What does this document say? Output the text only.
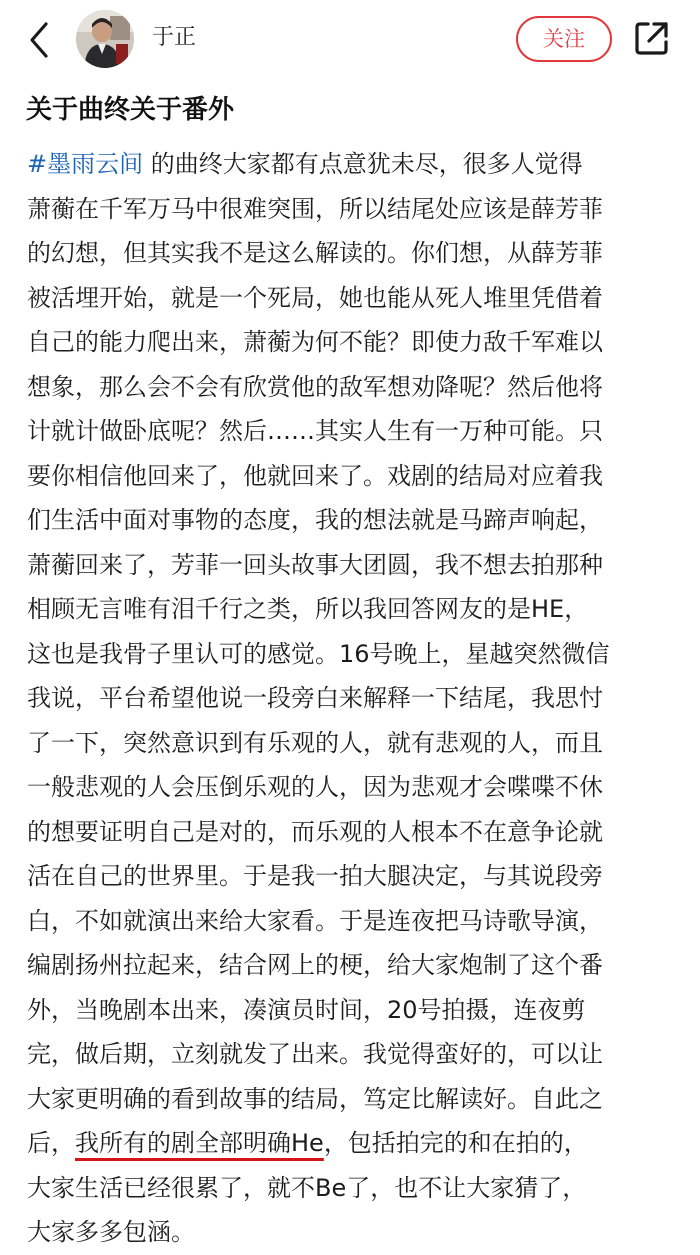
于正	关注
关于曲终关于番外
#墨雨云间 的曲终大家都有点意犹未尽，很多人觉得
萧蘅在千军万马中很难突围，所以结尾处应该是薛芳菲
的幻想，但其实我不是这么解读的。你们想，从薛芳菲
被活埋开始，就是一个死局，她也能从死人堆里凭借着
自己的能力爬出来，萧蘅为何不能？即使力敌千军难以
想象，那么会不会有欣赏他的敌军想劝降呢？然后他将
计就计做卧底呢？然后……其实人生有一万种可能。只
要你相信他回来了，他就回来了。戏剧的结局对应着我
们生活中面对事物的态度，我的想法就是马蹄声响起，
萧蘅回来了，芳菲一回头故事大团圆，我不想去拍那种
相顾无言唯有泪千行之类，所以我回答网友的是HE，
这也是我骨子里认可的感觉。16号晚上，星越突然微信
我说，平台希望他说一段旁白来解释一下结尾，我思忖
了一下，突然意识到有乐观的人，就有悲观的人，而且
一般悲观的人会压倒乐观的人，因为悲观才会喋喋不休
的想要证明自己是对的，而乐观的人根本不在意争论就
活在自己的世界里。于是我一拍大腿决定，与其说段旁
白，不如就演出来给大家看。于是连夜把马诗歌导演，
编剧扬州拉起来，结合网上的梗，给大家炮制了这个番
外，当晚剧本出来，凑演员时间，20号拍摄，连夜剪
完，做后期，立刻就发了出来。我觉得蛮好的，可以让
大家更明确的看到故事的结局，笃定比解读好。自此之
后，我所有的剧全部明确He，包括拍完的和在拍的，
大家生活已经很累了，就不Be了，也不让大家猜了，
大家多多包涵。
